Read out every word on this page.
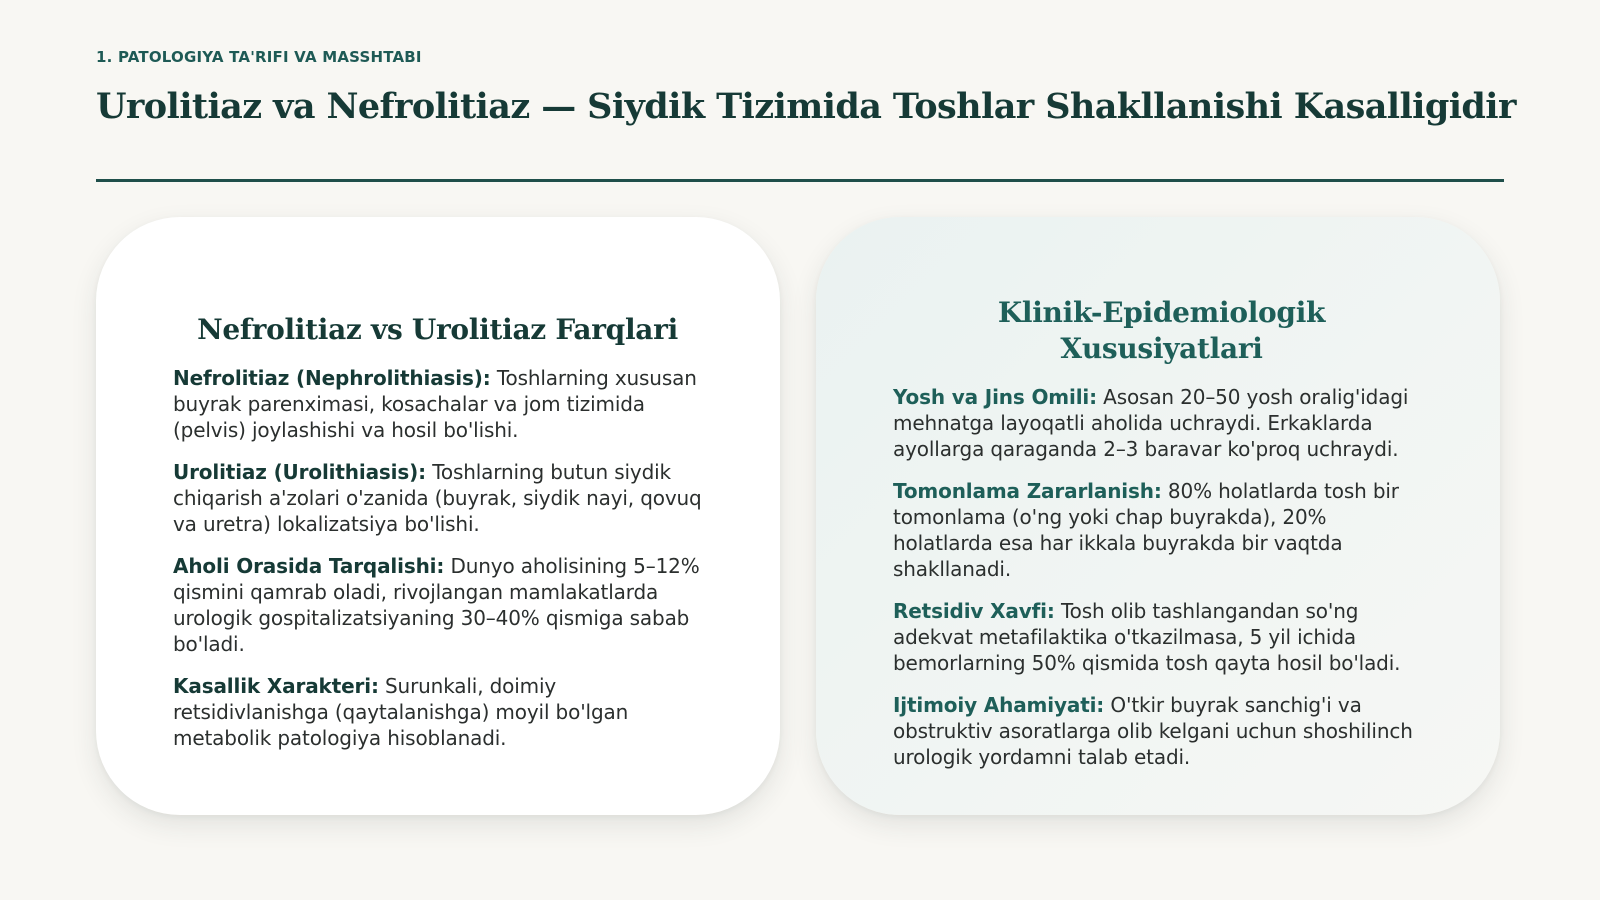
1. PATOLOGIYA TA'RIFI VA MASSHTABI
Urolitiaz va Nefrolitiaz — Siydik Tizimida Toshlar Shakllanishi Kasalligidir
Nefrolitiaz vs Urolitiaz Farqlari

Nefrolitiaz (Nephrolithiasis): Toshlarning xususan buyrak parenximasi, kosachalar va jom tizimida (pelvis) joylashishi va hosil bo'lishi.

Urolitiaz (Urolithiasis): Toshlarning butun siydik chiqarish a'zolari o'zanida (buyrak, siydik nayi, qovuq va uretra) lokalizatsiya bo'lishi.

Aholi Orasida Tarqalishi: Dunyo aholisining 5–12% qismini qamrab oladi, rivojlangan mamlakatlarda urologik gospitalizatsiyaning 30–40% qismiga sabab bo'ladi.

Kasallik Xarakteri: Surunkali, doimiy retsidivlanishga (qaytalanishga) moyil bo'lgan metabolik patologiya hisoblanadi.

Klinik-Epidemiologik Xususiyatlari

Yosh va Jins Omili: Asosan 20–50 yosh oralig'idagi mehnatga layoqatli aholida uchraydi. Erkaklarda ayollarga qaraganda 2–3 baravar ko'proq uchraydi.

Tomonlama Zararlanish: 80% holatlarda tosh bir tomonlama (o'ng yoki chap buyrakda), 20% holatlarda esa har ikkala buyrakda bir vaqtda shakllanadi.

Retsidiv Xavfi: Tosh olib tashlangandan so'ng adekvat metafilaktika o'tkazilmasa, 5 yil ichida bemorlarning 50% qismida tosh qayta hosil bo'ladi.

Ijtimoiy Ahamiyati: O'tkir buyrak sanchig'i va obstruktiv asoratlarga olib kelgani uchun shoshilinch urologik yordamni talab etadi.
